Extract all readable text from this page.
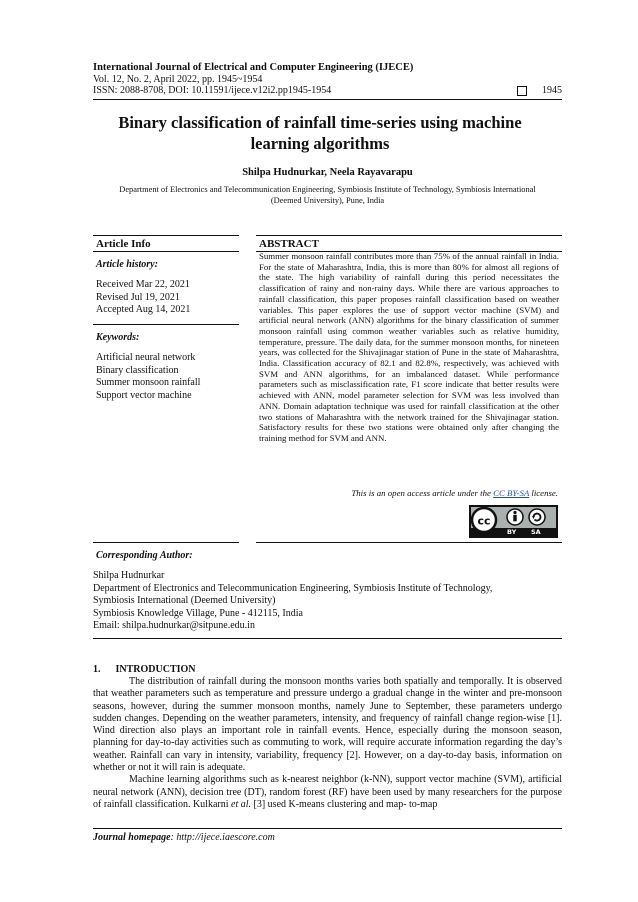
International Journal of Electrical and Computer Engineering (IJECE)
Vol. 12, No. 2, April 2022, pp. 1945~1954
ISSN: 2088-8708, DOI: 10.11591/ijece.v12i2.pp1945-1954	1945
Binary classification of rainfall time-series using machine
learning algorithms
Shilpa Hudnurkar, Neela Rayavarapu
Department of Electronics and Telecommunication Engineering, Symbiosis Institute of Technology, Symbiosis International
(Deemed University), Pune, India
Article Info
Article history:
Received Mar 22, 2021
Revised Jul 19, 2021
Accepted Aug 14, 2021
Keywords:
Artificial neural network
Binary classification
Summer monsoon rainfall
Support vector machine
ABSTRACT
Summer monsoon rainfall contributes more than 75% of the annual rainfall in India. For the state of Maharashtra, India, this is more than 80% for almost all regions of the state. The high variability of rainfall during this period necessitates the classification of rainy and non-rainy days. While there are various approaches to rainfall classification, this paper proposes rainfall classification based on weather variables. This paper explores the use of support vector machine (SVM) and artificial neural network (ANN) algorithms for the binary classification of summer monsoon rainfall using common weather variables such as relative humidity, temperature, pressure. The daily data, for the summer monsoon months, for nineteen years, was collected for the Shivajinagar station of Pune in the state of Maharashtra, India. Classification accuracy of 82.1 and 82.8%, respectively, was achieved with SVM and ANN algorithms, for an imbalanced dataset. While performance parameters such as misclassification rate, F1 score indicate that better results were achieved with ANN, model parameter selection for SVM was less involved than ANN. Domain adaptation technique was used for rainfall classification at the other two stations of Maharashtra with the network trained for the Shivajinagar station. Satisfactory results for these two stations were obtained only after changing the training method for SVM and ANN.
This is an open access article under the CC BY-SA license.
cc
BY SA
Corresponding Author:
Shilpa Hudnurkar
Department of Electronics and Telecommunication Engineering, Symbiosis Institute of Technology,
Symbiosis International (Deemed University)
Symbiosis Knowledge Village, Pune - 412115, India
Email: shilpa.hudnurkar@sitpune.edu.in
1.      INTRODUCTION

The distribution of rainfall during the monsoon months varies both spatially and temporally. It is observed that weather parameters such as temperature and pressure undergo a gradual change in the winter and pre-monsoon seasons, however, during the summer monsoon months, namely June to September, these parameters undergo sudden changes. Depending on the weather parameters, intensity, and frequency of rainfall change region-wise [1]. Wind direction also plays an important role in rainfall events. Hence, especially during the monsoon season, planning for day-to-day activities such as commuting to work, will require accurate information regarding the day’s weather. Rainfall can vary in intensity, variability, frequency [2]. However, on a day-to-day basis, information on whether or not it will rain is adequate.

Machine learning algorithms such as k-nearest neighbor (k-NN), support vector machine (SVM), artificial neural network (ANN), decision tree (DT), random forest (RF) have been used by many researchers for the purpose of rainfall classification. Kulkarni et al. [3] used K-means clustering and map- to-map

Journal homepage: http://ijece.iaescore.com
